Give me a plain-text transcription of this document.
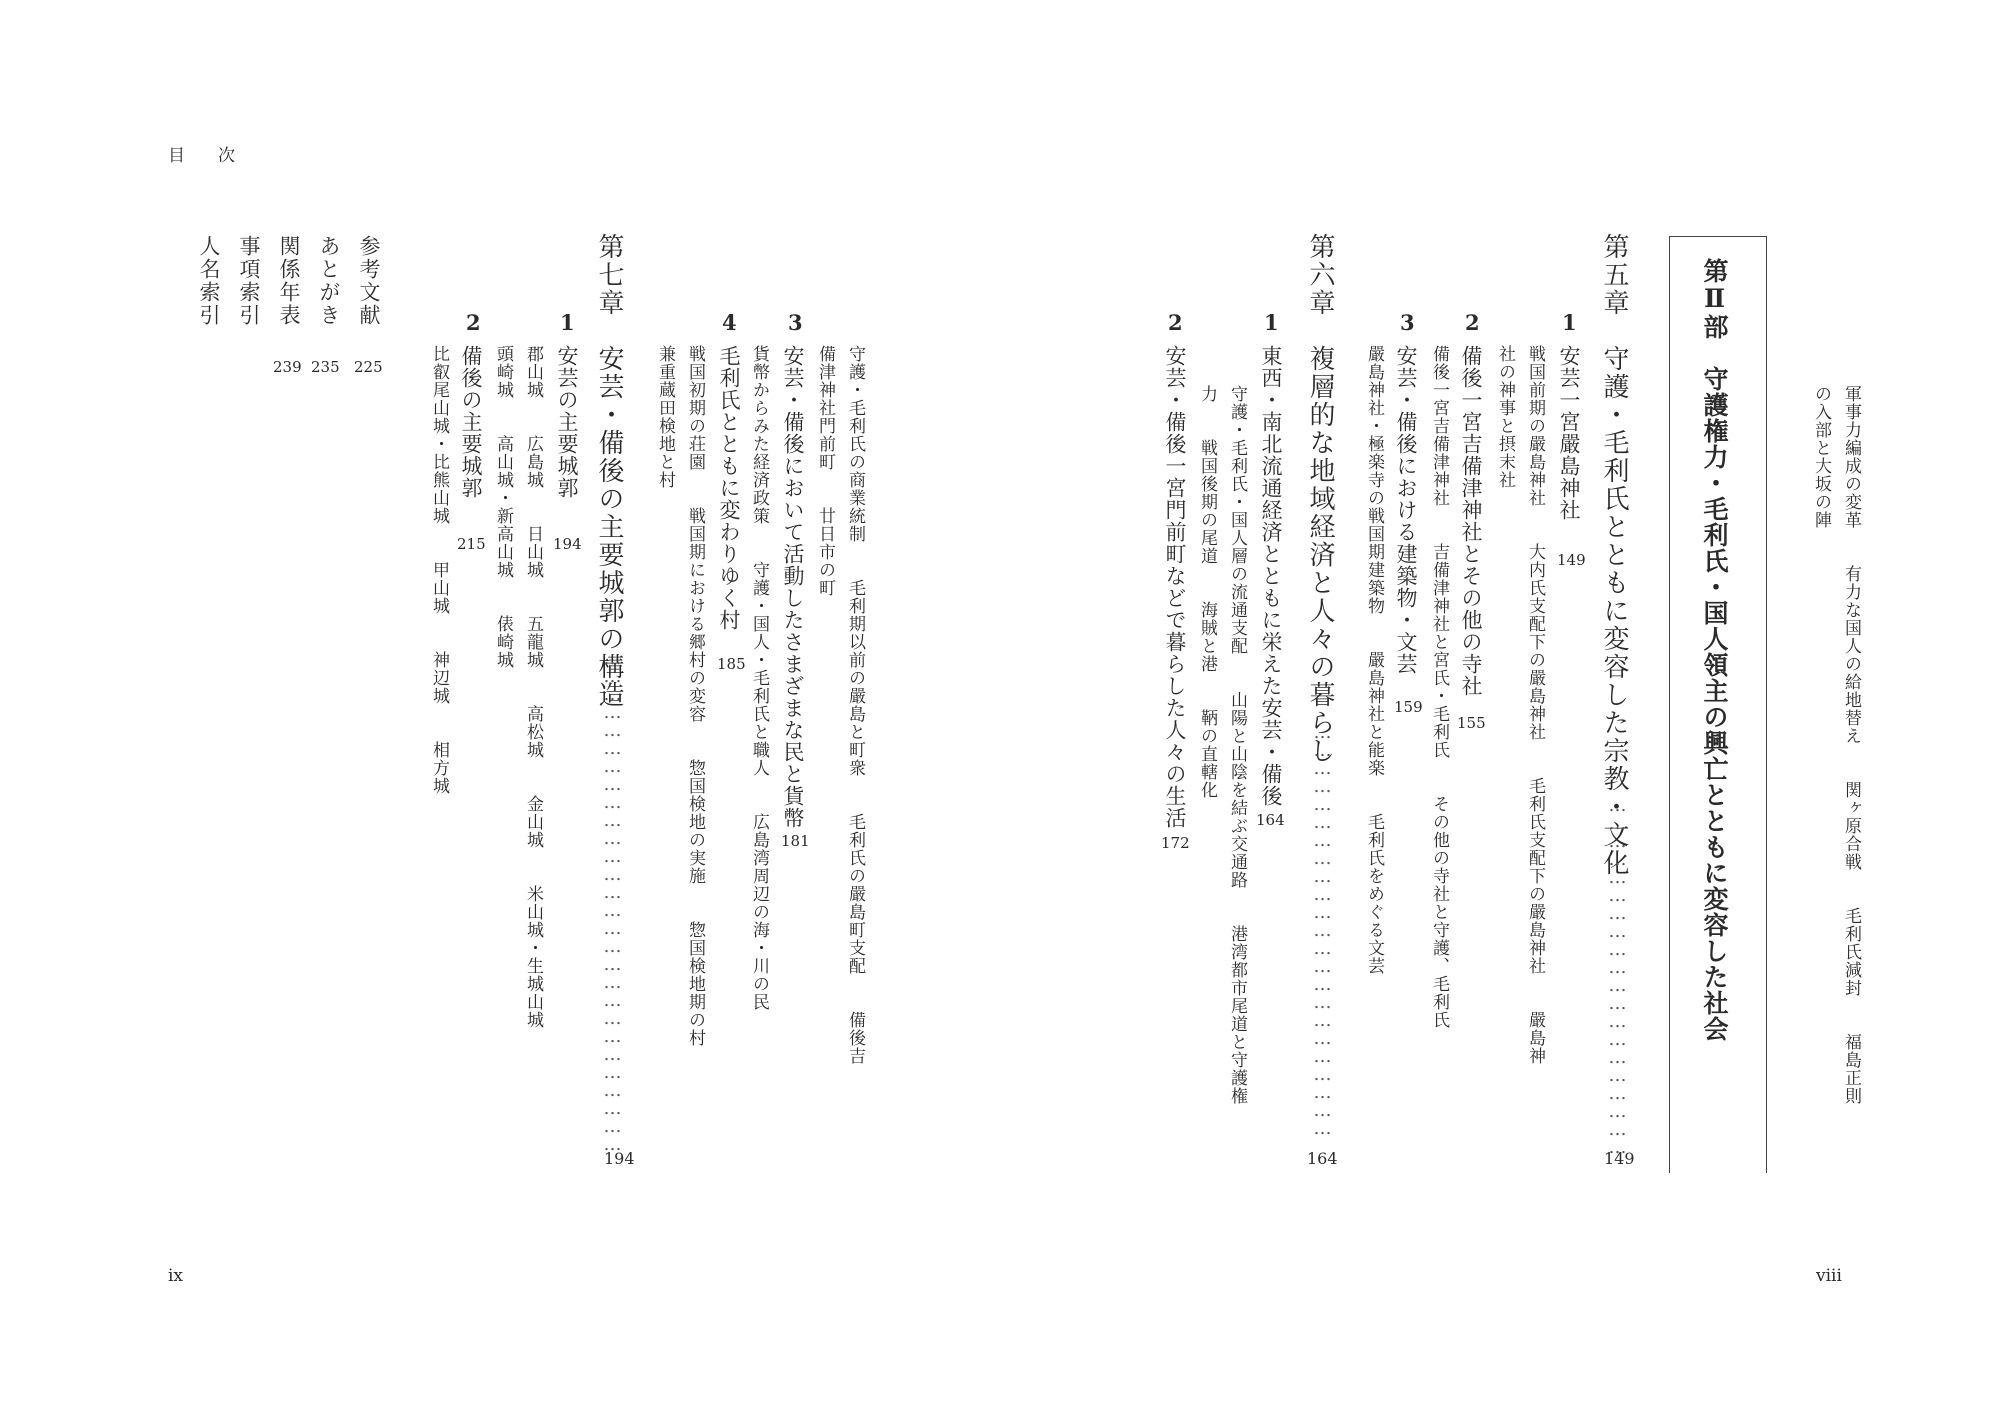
目　次
参考文献
225
あとがき
235
関係年表
239
事項索引
人名索引	第七章　安芸・備後の主要城郭の構造
…………………………………………………………………………
194
1
安芸の主要城郭
194
郡山城　　広島城　　日山城　　五龍城　　高松城　　金山城　　米山城・生城山城
頭崎城　　高山城・新高山城　　俵崎城
2
備後の主要城郭
215
比叡尾山城・比熊山城　　甲山城　　神辺城　　相方城
4
毛利氏とともに変わりゆく村
185
戦国初期の荘園　　戦国期における郷村の変容　　惣国検地の実施　　惣国検地期の村
兼重蔵田検地と村
3
安芸・備後において活動したさまざまな民と貨幣
181
貨幣からみた経済政策　　守護・国人・毛利氏と職人　　広島湾周辺の海・川の民	守護・毛利氏の商業統制　　毛利期以前の嚴島と町衆　　毛利氏の嚴島町支配　　備後吉
備津神社門前町　　廿日市の町
ix
軍事力編成の変革　　有力な国人の給地替え　　関ヶ原合戦　　毛利氏減封　　福島正則
の入部と大坂の陣
第Ⅱ部　守護権力・毛利氏・国人領主の興亡とともに変容した社会
第五章　守護・毛利氏とともに変容した宗教・文化
……………………………………………………
149
1
安芸一宮嚴島神社
149
戦国前期の嚴島神社　　大内氏支配下の嚴島神社　　毛利氏支配下の嚴島神社　　嚴島神
社の神事と摂末社
2
備後一宮吉備津神社とその他の寺社
155
備後一宮吉備津神社　　吉備津神社と宮氏・毛利氏　　その他の寺社と守護、毛利氏
3
安芸・備後における建築物・文芸
159
嚴島神社・極楽寺の戦国期建築物　　嚴島神社と能楽　　毛利氏をめぐる文芸
第六章　複層的な地域経済と人々の暮らし
……………………………………………………………
164
1
東西・南北流通経済とともに栄えた安芸・備後
164
守護・毛利氏・国人層の流通支配　　山陽と山陰を結ぶ交通路　　港湾都市尾道と守護権
力　　戦国後期の尾道　　海賊と港　　鞆の直轄化
2
安芸・備後一宮門前町などで暮らした人々の生活
172
viii
